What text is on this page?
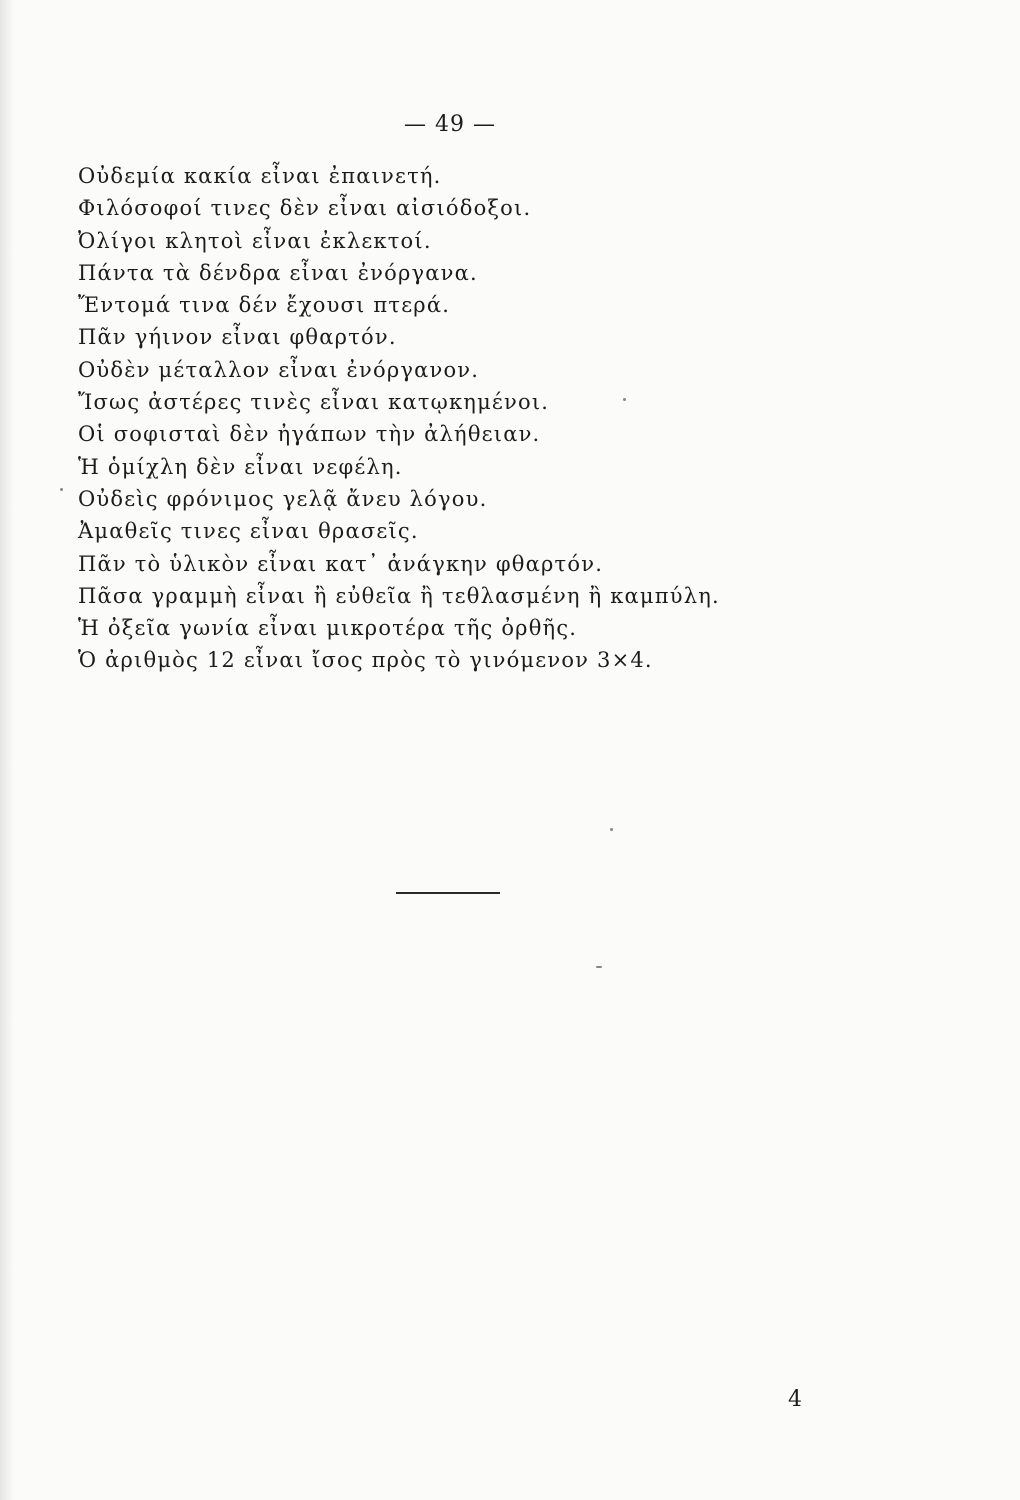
— 49 —
Οὐδεμία κακία εἶναι ἐπαινετή.
Φιλόσοφοί τινες δὲν εἶναι αἰσιόδοξοι.
Ὀλίγοι κλητοὶ εἶναι ἐκλεκτοί.
Πάντα τὰ δένδρα εἶναι ἐνόργανα.
Ἔντομά τινα δέν ἔχουσι πτερά.
Πᾶν γήινον εἶναι φθαρτόν.
Οὐδὲν μέταλλον εἶναι ἐνόργανον.
Ἴσως ἀστέρες τινὲς εἶναι κατῳκημένοι.
Οἱ σοφισταὶ δὲν ἠγάπων τὴν ἀλήθειαν.
Ἡ ὁμίχλη δὲν εἶναι νεφέλη.
Οὐδεὶς φρόνιμος γελᾷ ἄνευ λόγου.
Ἀμαθεῖς τινες εἶναι θρασεῖς.
Πᾶν τὸ ὑλικὸν εἶναι κατ᾽ ἀνάγκην φθαρτόν.
Πᾶσα γραμμὴ εἶναι ἢ εὐθεῖα ἢ τεθλασμένη ἢ καμπύλη.
Ἡ ὀξεῖα γωνία εἶναι μικροτέρα τῆς ὀρθῆς.
Ὁ ἀριθμὸς 12 εἶναι ἴσος πρὸς τὸ γινόμενον 3×4.
4
